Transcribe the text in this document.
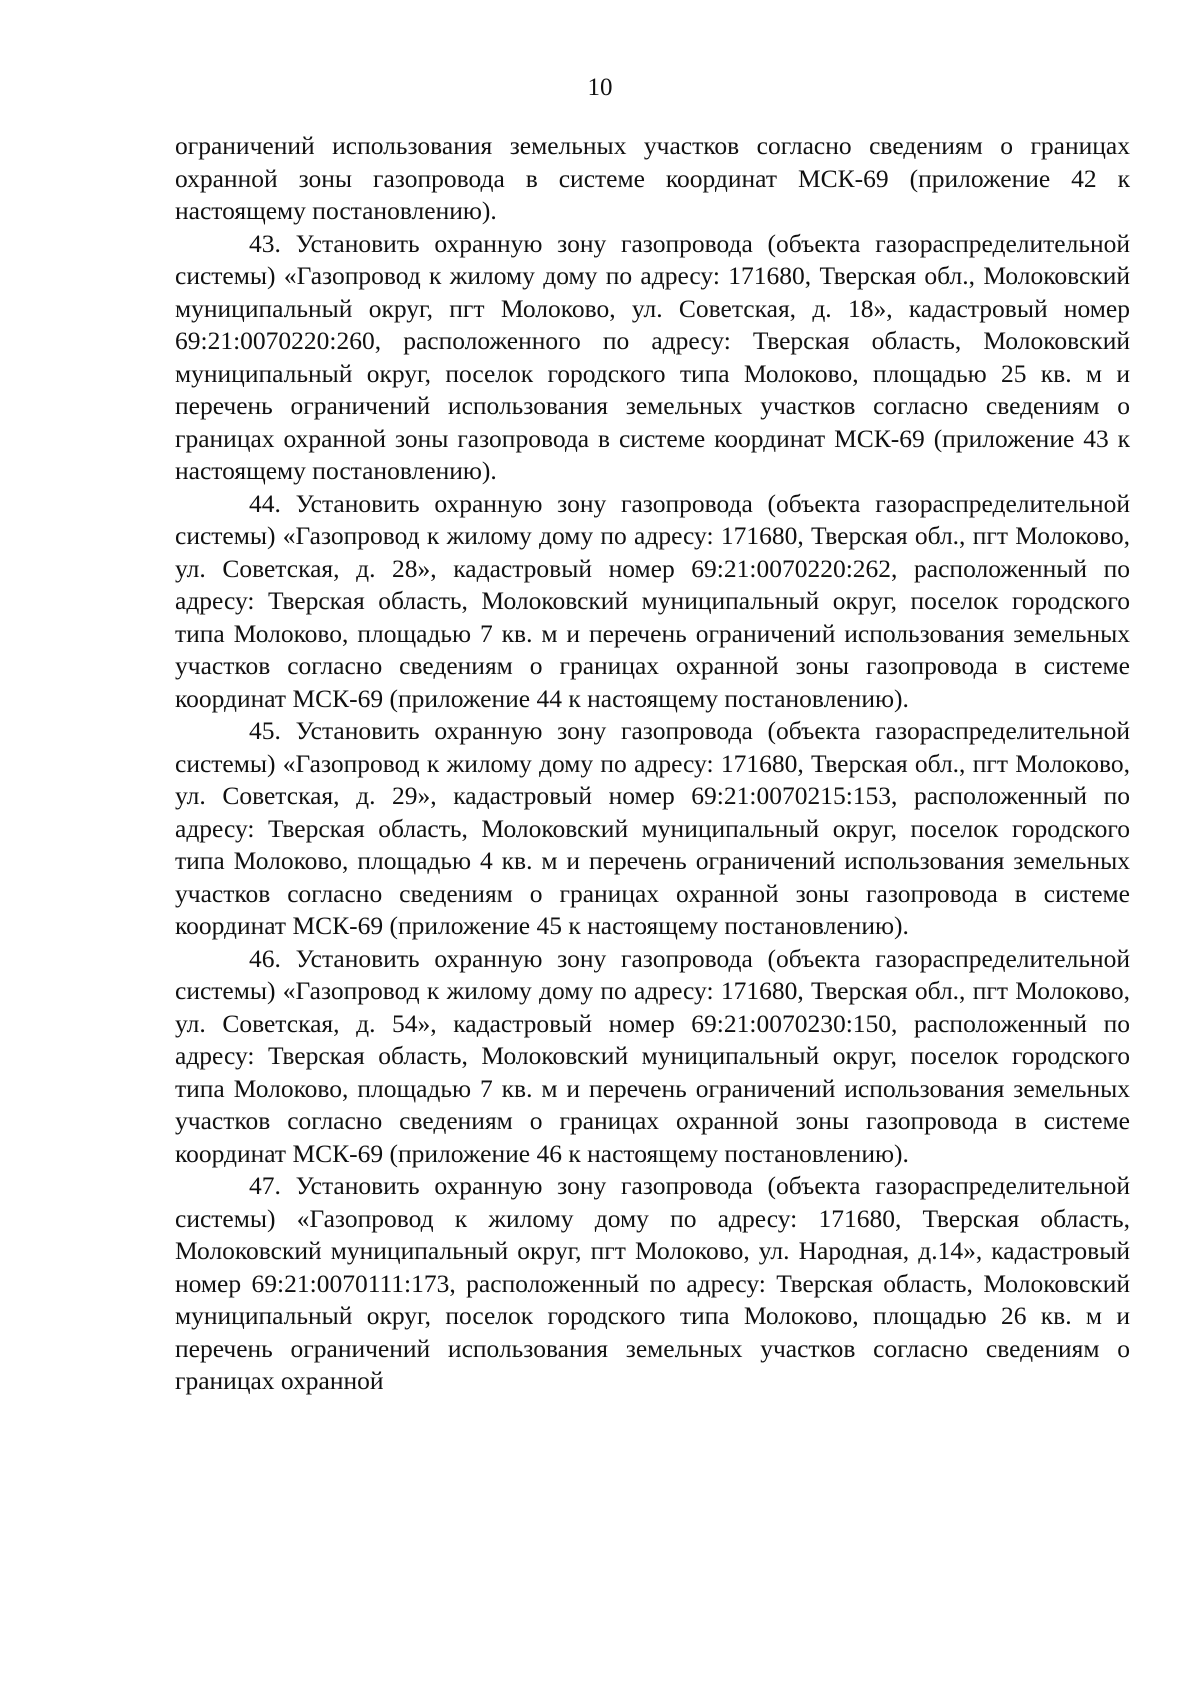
10

ограничений использования земельных участков согласно сведениям о границах охранной зоны газопровода в системе координат МСК-69 (приложение 42 к настоящему постановлению).

43. Установить охранную зону газопровода (объекта газораспределительной системы) «Газопровод к жилому дому по адресу: 171680, Тверская обл., Молоковский муниципальный округ, пгт Молоково, ул. Советская, д. 18», кадастровый номер 69:21:0070220:260, расположенного по адресу: Тверская область, Молоковский муниципальный округ, поселок городского типа Молоково, площадью 25 кв. м и перечень ограничений использования земельных участков согласно сведениям о границах охранной зоны газопровода в системе координат МСК-69 (приложение 43 к настоящему постановлению).

44. Установить охранную зону газопровода (объекта газораспределительной системы) «Газопровод к жилому дому по адресу: 171680, Тверская обл., пгт Молоково, ул. Советская, д. 28», кадастровый номер 69:21:0070220:262, расположенный по адресу: Тверская область, Молоковский муниципальный округ, поселок городского типа Молоково, площадью 7 кв. м и перечень ограничений использования земельных участков согласно сведениям о границах охранной зоны газопровода в системе координат МСК-69 (приложение 44 к настоящему постановлению).

45. Установить охранную зону газопровода (объекта газораспределительной системы) «Газопровод к жилому дому по адресу: 171680, Тверская обл., пгт Молоково, ул. Советская, д. 29», кадастровый номер 69:21:0070215:153, расположенный по адресу: Тверская область, Молоковский муниципальный округ, поселок городского типа Молоково, площадью 4 кв. м и перечень ограничений использования земельных участков согласно сведениям о границах охранной зоны газопровода в системе координат МСК-69 (приложение 45 к настоящему постановлению).

46. Установить охранную зону газопровода (объекта газораспределительной системы) «Газопровод к жилому дому по адресу: 171680, Тверская обл., пгт Молоково, ул. Советская, д. 54», кадастровый номер 69:21:0070230:150, расположенный по адресу: Тверская область, Молоковский муниципальный округ, поселок городского типа Молоково, площадью 7 кв. м и перечень ограничений использования земельных участков согласно сведениям о границах охранной зоны газопровода в системе координат МСК-69 (приложение 46 к настоящему постановлению).

47. Установить охранную зону газопровода (объекта газораспределительной системы) «Газопровод к жилому дому по адресу: 171680, Тверская область, Молоковский муниципальный округ, пгт Молоково, ул. Народная, д.14», кадастровый номер 69:21:0070111:173, расположенный по адресу: Тверская область, Молоковский муниципальный округ, поселок городского типа Молоково, площадью 26 кв. м и перечень ограничений использования земельных участков согласно сведениям о границах охранной
